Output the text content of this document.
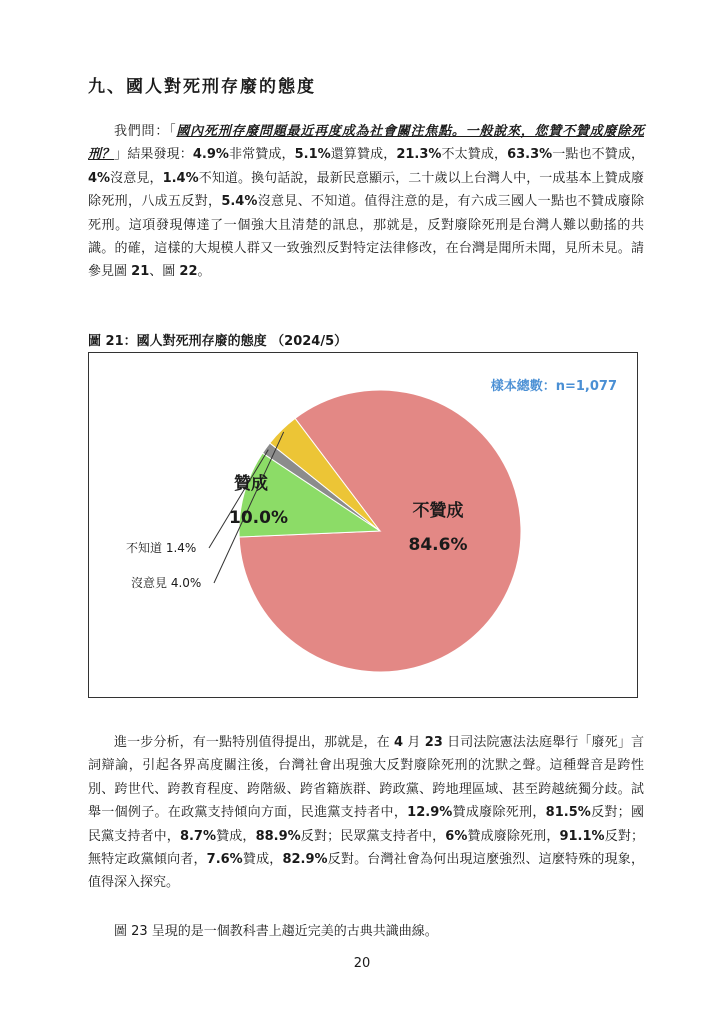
九、國人對死刑存廢的態度

我們問：「國內死刑存廢問題最近再度成為社會關注焦點。一般說來，您贊不贊成廢除死刑？」結果發現：4.9%非常贊成，5.1%還算贊成，21.3%不太贊成，63.3%一點也不贊成，4%沒意見，1.4%不知道。換句話說，最新民意顯示，二十歲以上台灣人中，一成基本上贊成廢除死刑，八成五反對，5.4%沒意見、不知道。值得注意的是，有六成三國人一點也不贊成廢除死刑。這項發現傳達了一個強大且清楚的訊息，那就是，反對廢除死刑是台灣人難以動搖的共識。的確，這樣的大規模人群又一致強烈反對特定法律修改，在台灣是聞所未聞，見所未見。請參見圖 21、圖 22。

圖 21：國人對死刑存廢的態度 （2024/5）
樣本總數：n=1,077
不贊成
84.6%
贊成
10.0%
不知道 1.4%
沒意見 4.0%

進一步分析，有一點特別值得提出，那就是，在 4 月 23 日司法院憲法法庭舉行「廢死」言詞辯論，引起各界高度關注後，台灣社會出現強大反對廢除死刑的沈默之聲。這種聲音是跨性別、跨世代、跨教育程度、跨階級、跨省籍族群、跨政黨、跨地理區域、甚至跨越統獨分歧。試舉一個例子。在政黨支持傾向方面，民進黨支持者中，12.9%贊成廢除死刑，81.5%反對；國民黨支持者中，8.7%贊成，88.9%反對；民眾黨支持者中，6%贊成廢除死刑，91.1%反對；無特定政黨傾向者，7.6%贊成，82.9%反對。台灣社會為何出現這麼強烈、這麼特殊的現象，值得深入探究。

圖 23 呈現的是一個教科書上趨近完美的古典共識曲線。

20
